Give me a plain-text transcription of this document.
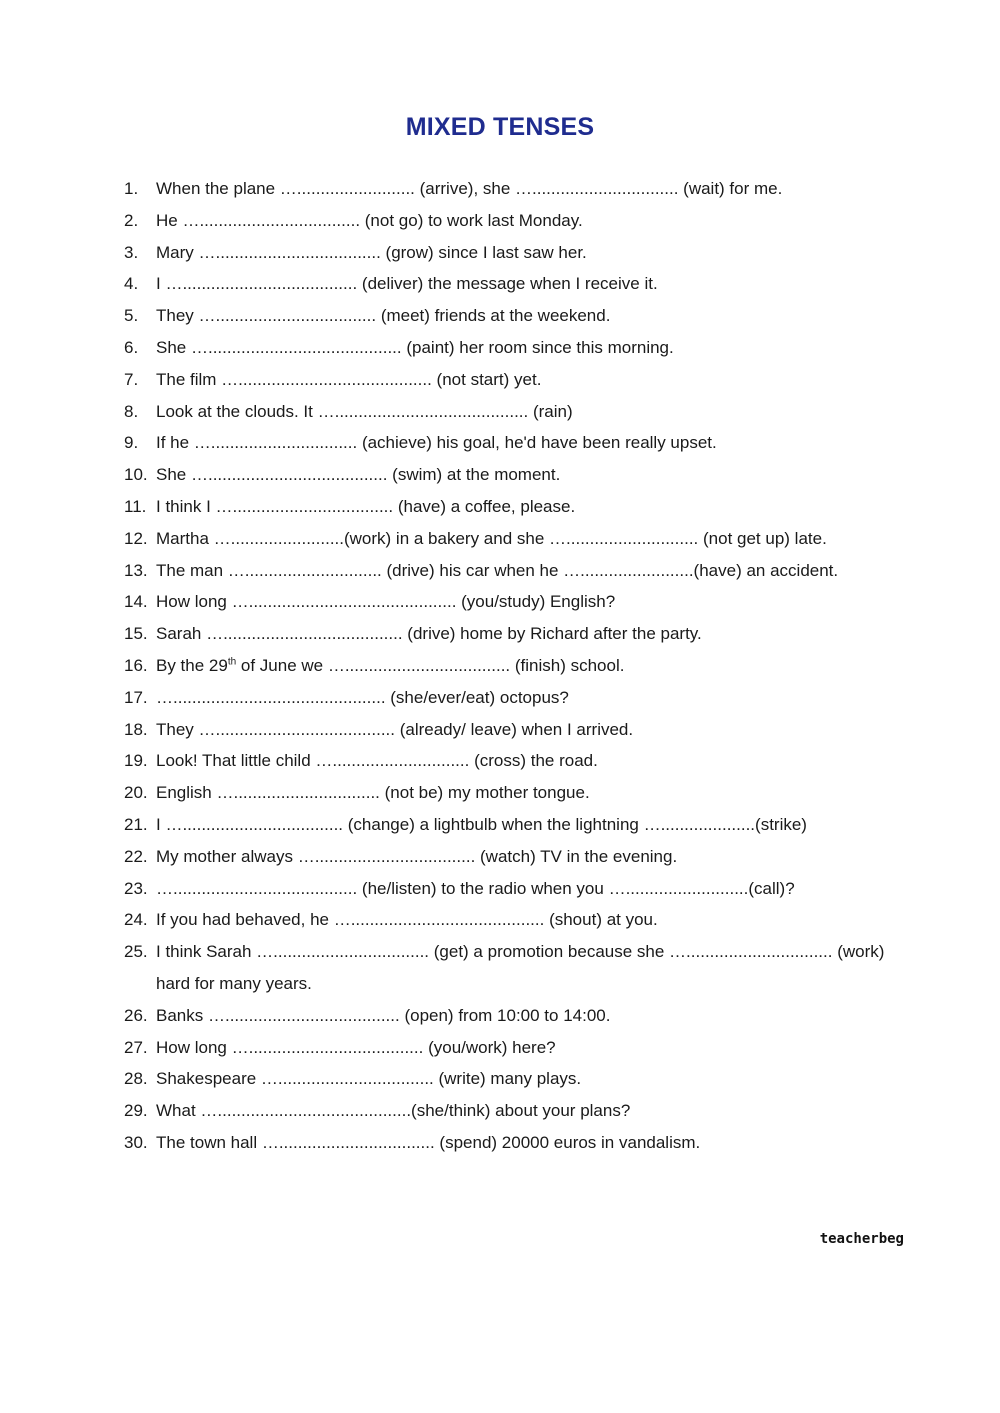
MIXED TENSES
1.	When the plane …......................... (arrive), she …............................... (wait) for me.
2.	He ….................................. (not go) to work last Monday.
3.	Mary …................................... (grow) since I last saw her.
4.	I …..................................... (deliver) the message when I receive it.
5.	They ….................................. (meet) friends at the weekend.
6.	She …......................................... (paint) her room since this morning.
7.	The film …......................................... (not start) yet.
8.	Look at the clouds. It …......................................... (rain)
9.	If he …............................... (achieve) his goal, he'd have been really upset.
10. She …...................................... (swim) at the moment.
11. I think I ….................................. (have) a coffee, please.
12. Martha …........................(work) in a bakery and she …............................ (not get up) late.
13. The man …............................. (drive) his car when he …........................(have) an accident.
14. How long …............................................ (you/study) English?
15. Sarah …...................................... (drive) home by Richard after the party.
16. By the 29th of June we …................................... (finish) school.
17. …............................................. (she/ever/eat) octopus?
18. They …...................................... (already/ leave) when I arrived.
19. Look! That little child …............................. (cross) the road.
20. English …............................... (not be) my mother tongue.
21. I ….................................. (change) a lightbulb when the lightning …....................(strike)
22. My mother always ….................................. (watch) TV in the evening.
23. …....................................... (he/listen) to the radio when you …..........................(call)?
24. If you had behaved, he …......................................... (shout) at you.
25. I think Sarah …................................. (get) a promotion because she …............................... (work) hard for many years.
26. Banks …..................................... (open) from 10:00 to 14:00.
27. How long …..................................... (you/work) here?
28. Shakespeare …................................. (write) many plays.
29. What ….........................................(she/think) about your plans?
30. The town hall …................................. (spend) 20000 euros in vandalism.
teacherbeg
